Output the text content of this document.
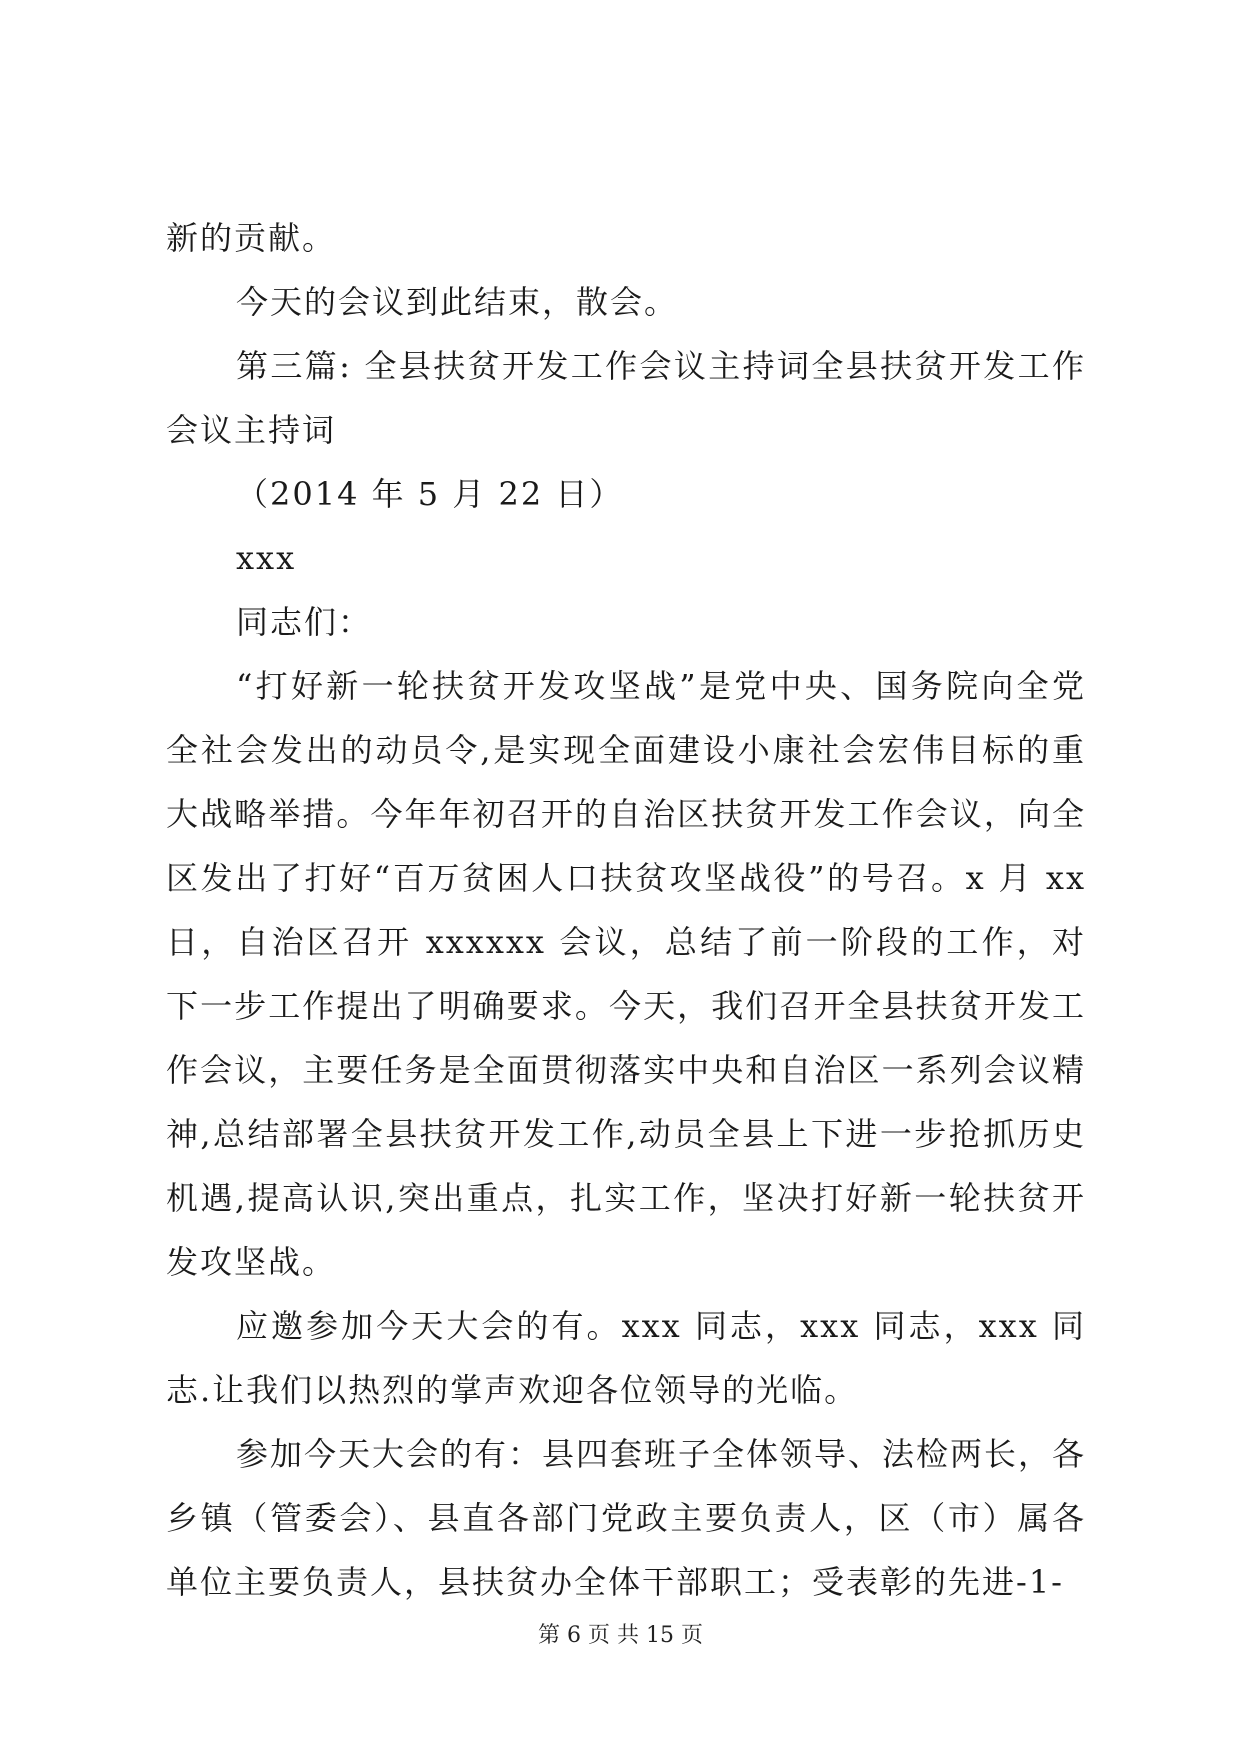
新的贡献。

今天的会议到此结束，散会。

第三篇: 全县扶贫开发工作会议主持词全县扶贫开发工作会议主持词

（2014 年 5 月 22 日）

xxx

同志们：

“打好新一轮扶贫开发攻坚战”是党中央、国务院向全党全社会发出的动员令,是实现全面建设小康社会宏伟目标的重大战略举措。今年年初召开的自治区扶贫开发工作会议，向全区发出了打好“百万贫困人口扶贫攻坚战役”的号召。x 月 xx 日，自治区召开 xxxxxx 会议，总结了前一阶段的工作，对下一步工作提出了明确要求。今天，我们召开全县扶贫开发工作会议，主要任务是全面贯彻落实中央和自治区一系列会议精神,总结部署全县扶贫开发工作,动员全县上下进一步抢抓历史机遇,提高认识,突出重点，扎实工作，坚决打好新一轮扶贫开发攻坚战。

应邀参加今天大会的有。xxx 同志，xxx 同志，xxx 同志.让我们以热烈的掌声欢迎各位领导的光临。

参加今天大会的有：县四套班子全体领导、法检两长，各乡镇（管委会）、县直各部门党政主要负责人，区（市）属各单位主要负责人，县扶贫办全体干部职工；受表彰的先进-1-

第 6 页 共 15 页
